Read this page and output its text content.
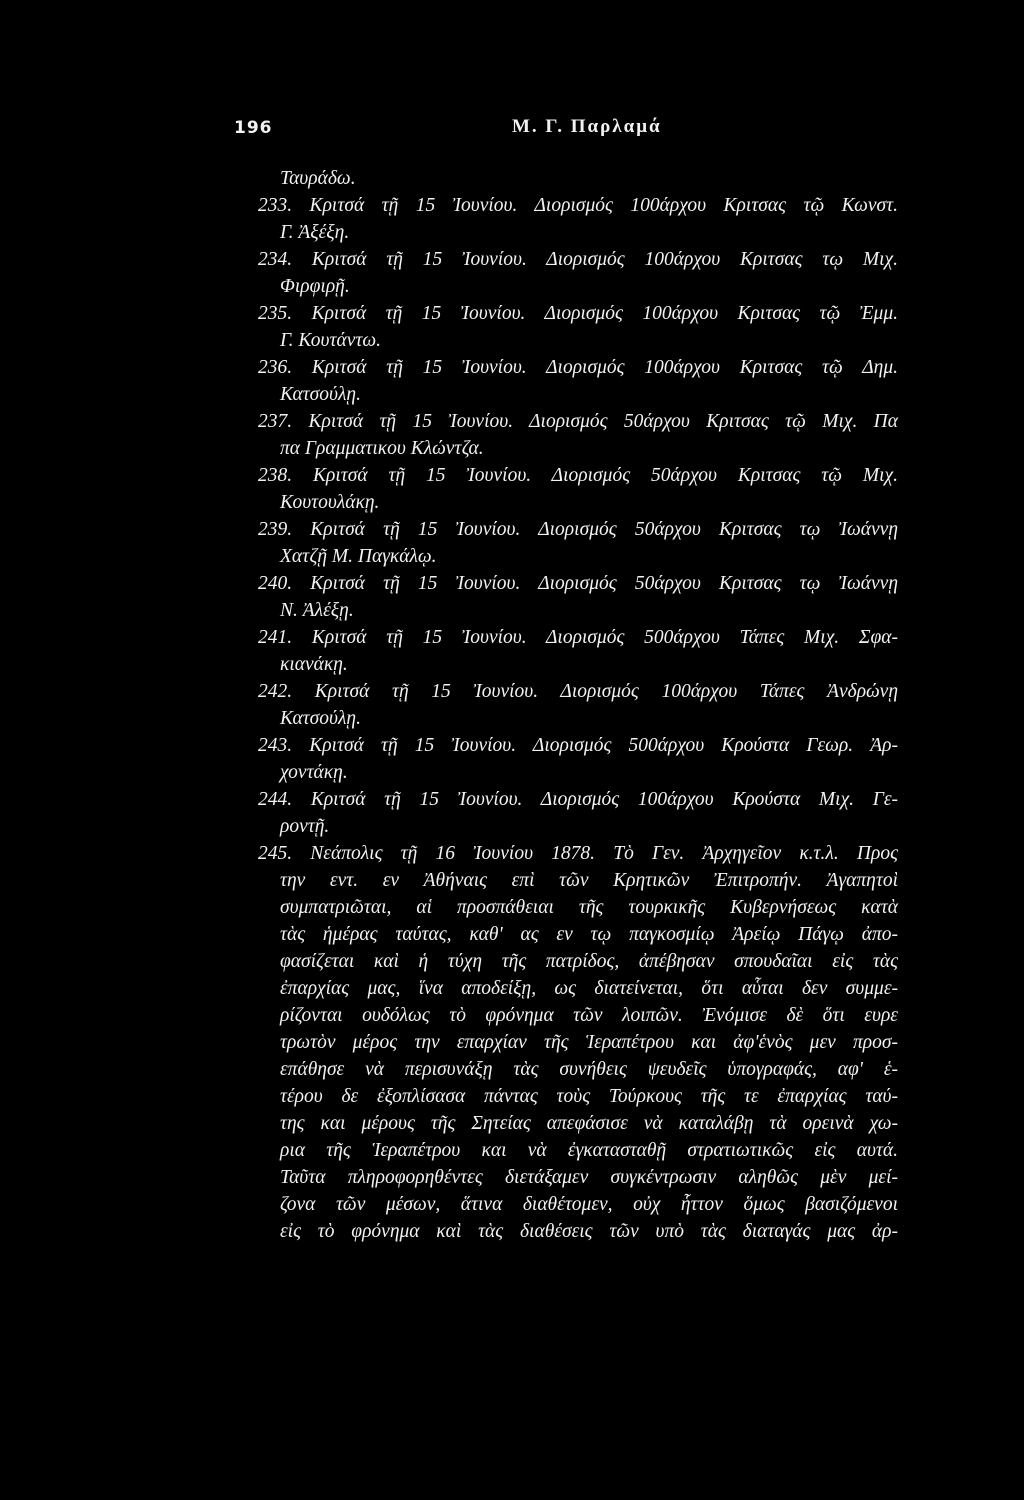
196	Μ. Γ. Παρλαμά
Ταυράδω.
233. Κριτσά τῇ 15 Ἰουνίου. Διορισμός 100άρχου Κριτσας τῷ Κωνστ.
Γ. Ἀξέξη.
234. Κριτσά τῇ 15 Ἰουνίου. Διορισμός 100άρχου Κριτσας τῳ Μιχ.
Φιρφιρῇ.
235. Κριτσά τῇ 15 Ἰουνίου. Διορισμός 100άρχου Κριτσας τῷ Ἐμμ.
Γ. Κουτάντω.
236. Κριτσά τῇ 15 Ἰουνίου. Διορισμός 100άρχου Κριτσας τῷ Δημ.
Κατσούλῃ.
237. Κριτσά τῇ 15 Ἰουνίου. Διορισμός 50άρχου Κριτσας τῷ Μιχ. Πα
πα Γραμματικου Κλώντζα.
238. Κριτσά τῇ 15 Ἰουνίου. Διορισμός 50άρχου Κριτσας τῷ Μιχ.
Κουτουλάκῃ.
239. Κριτσά τῇ 15 Ἰουνίου. Διορισμός 50άρχου Κριτσας τῳ Ἰωάννῃ
Χατζῇ Μ. Παγκάλῳ.
240. Κριτσά τῇ 15 Ἰουνίου. Διορισμός 50άρχου Κριτσας τῳ Ἰωάννῃ
Ν. Ἀλέξῃ.
241. Κριτσά τῇ 15 Ἰουνίου. Διορισμός 500άρχου Τάπες Μιχ. Σφα-
κιανάκῃ.
242. Κριτσά τῇ 15 Ἰουνίου. Διορισμός 100άρχου Τάπες Ἀνδρώνῃ
Κατσούλῃ.
243. Κριτσά τῇ 15 Ἰουνίου. Διορισμός 500άρχου Κρούστα Γεωρ. Ἀρ-
χοντάκῃ.
244. Κριτσά τῇ 15 Ἰουνίου. Διορισμός 100άρχου Κρούστα Μιχ. Γε-
ροντῇ.
245. Νεάπολις τῇ 16 Ἰουνίου 1878. Τὸ Γεν. Ἀρχηγεῖον κ.τ.λ. Προς
την εντ. εν Ἀθήναις επὶ τῶν Κρητικῶν Ἐπιτροπήν. Ἀγαπητοὶ
συμπατριῶται, αἱ προσπάθειαι τῆς τουρκικῆς Κυβερνήσεως κατὰ
τὰς ἡμέρας ταύτας, καθ' ας εν τῳ παγκοσμίῳ Ἀρείῳ Πάγῳ ἀπο-
φασίζεται καὶ ἡ τύχη τῆς πατρίδος, ἀπέβησαν σπουδαῖαι εἰς τὰς
ἐπαρχίας μας, ἵνα αποδείξῃ, ως διατείνεται, ὅτι αὗται δεν συμμε-
ρίζονται ουδόλως τὸ φρόνημα τῶν λοιπῶν. Ἐνόμισε δὲ ὅτι ευρε
τρωτὸν μέρος την επαρχίαν τῆς Ἱεραπέτρου και ἀφ'ἑνὸς μεν προσ-
επάθησε νὰ περισυνάξῃ τὰς συνήθεις ψευδεῖς ὑπογραφάς, αφ' ἑ-
τέρου δε ἐξοπλίσασα πάντας τοὺς Τούρκους τῆς τε ἐπαρχίας ταύ-
της και μέρους τῆς Σητείας απεφάσισε νὰ καταλάβῃ τὰ ορεινὰ χω-
ρια τῆς Ἱεραπέτρου και νὰ ἐγκατασταθῇ στρατιωτικῶς εἰς αυτά.
Ταῦτα πληροφορηθέντες διετάξαμεν συγκέντρωσιν αληθῶς μὲν μεί-
ζονα τῶν μέσων, ἅτινα διαθέτομεν, οὐχ ἧττον ὅμως βασιζόμενοι
εἰς τὸ φρόνημα καὶ τὰς διαθέσεις τῶν υπὸ τὰς διαταγάς μας ἀρ-
